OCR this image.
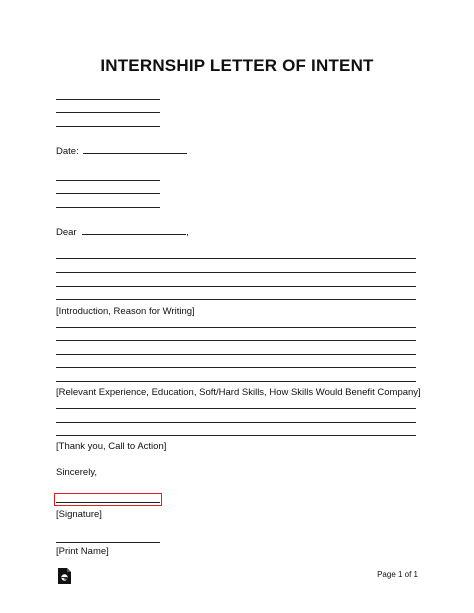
INTERNSHIP LETTER OF INTENT
Date:
Dear	,
[Introduction, Reason for Writing]
[Relevant Experience, Education, Soft/Hard Skills, How Skills Would Benefit Company]
[Thank you, Call to Action]
Sincerely,
[Signature]
[Print Name]
Page 1 of 1
